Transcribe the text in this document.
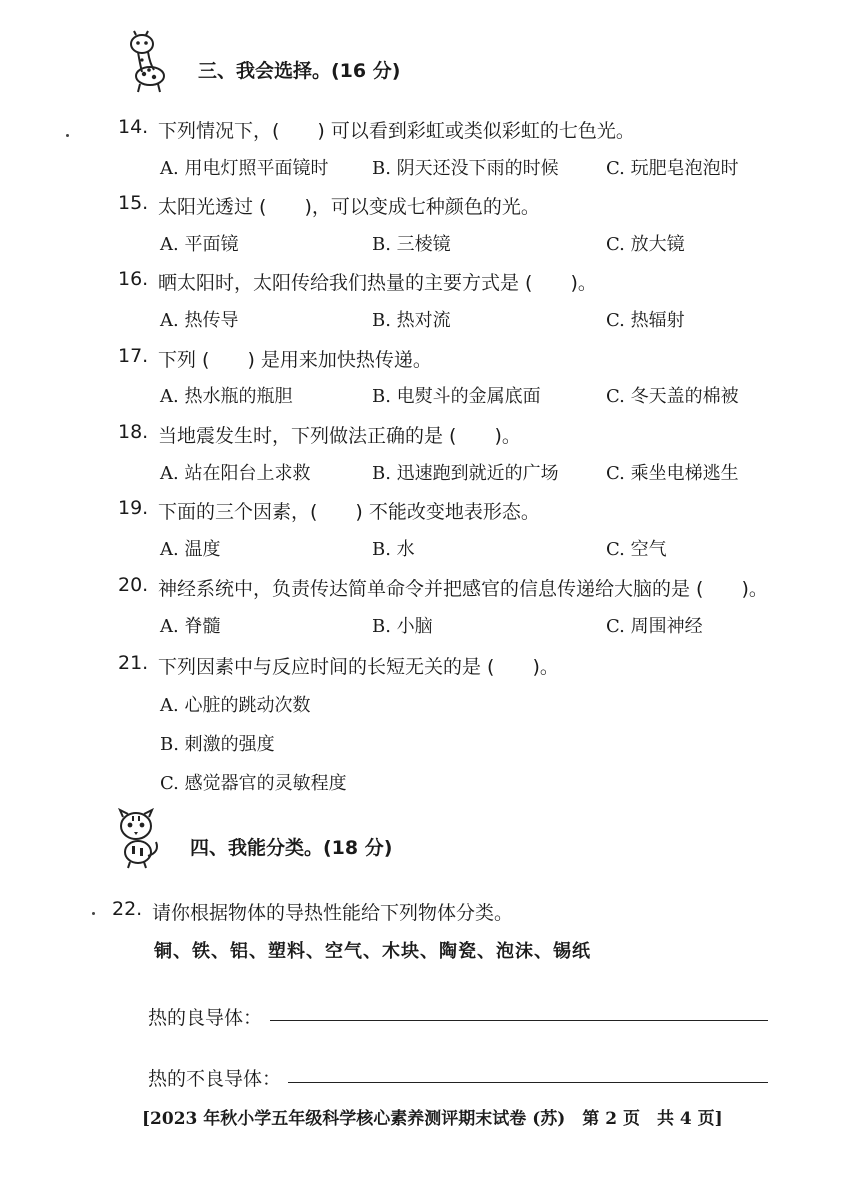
三、我会选择。(16 分)
14. 下列情况下，(　　) 可以看到彩虹或类似彩虹的七色光。
A. 用电灯照平面镜时 B. 阴天还没下雨的时候	C. 玩肥皂泡泡时
15. 太阳光透过 (　　)，可以变成七种颜色的光。
A. 平面镜	B. 三棱镜	C. 放大镜
16. 晒太阳时，太阳传给我们热量的主要方式是 (　　)。
A. 热传导	B. 热对流	C. 热辐射
17. 下列 (　　) 是用来加快热传递。
A. 热水瓶的瓶胆	B. 电熨斗的金属底面	C. 冬天盖的棉被
18. 当地震发生时，下列做法正确的是 (　　)。
A. 站在阳台上求救	B. 迅速跑到就近的广场	C. 乘坐电梯逃生
19. 下面的三个因素，(　　) 不能改变地表形态。
A. 温度	B. 水	C. 空气
20. 神经系统中，负责传达简单命令并把感官的信息传递给大脑的是 (　　)。
A. 脊髓	B. 小脑	C. 周围神经
21. 下列因素中与反应时间的长短无关的是 (　　)。
A. 心脏的跳动次数
B. 刺激的强度
C. 感觉器官的灵敏程度
四、我能分类。(18 分)
22. 请你根据物体的导热性能给下列物体分类。
铜、铁、铝、塑料、空气、木块、陶瓷、泡沫、锡纸
热的良导体：
热的不良导体：
[2023 年秋小学五年级科学核心素养测评期末试卷 (苏)　第 2 页　共 4 页]
